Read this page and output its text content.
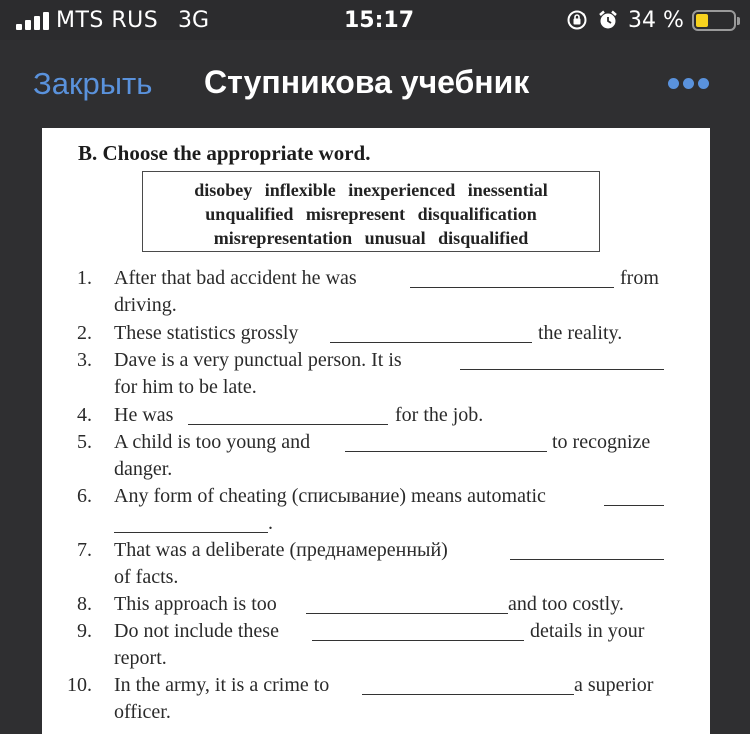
MTS RUS 3G	15:17	34 %
Закрыть Ступникова учебник
B. Choose the appropriate word.
disobey inflexible inexperienced inessential
unqualified misrepresent disqualification
misrepresentation unusual disqualified
1. After that bad accident he was	from
driving.
2. These statistics grossly	the reality.
3. Dave is a very punctual person. It is
for him to be late.
4. He was	for the job.
5. A child is too young and	to recognize
danger.
6. Any form of cheating (списывание) means automatic
.
7. That was a deliberate (преднамеренный)
of facts.
8. This approach is too	and too costly.
9. Do not include these	details in your
report.
10. In the army, it is a crime to	a superior
officer.
